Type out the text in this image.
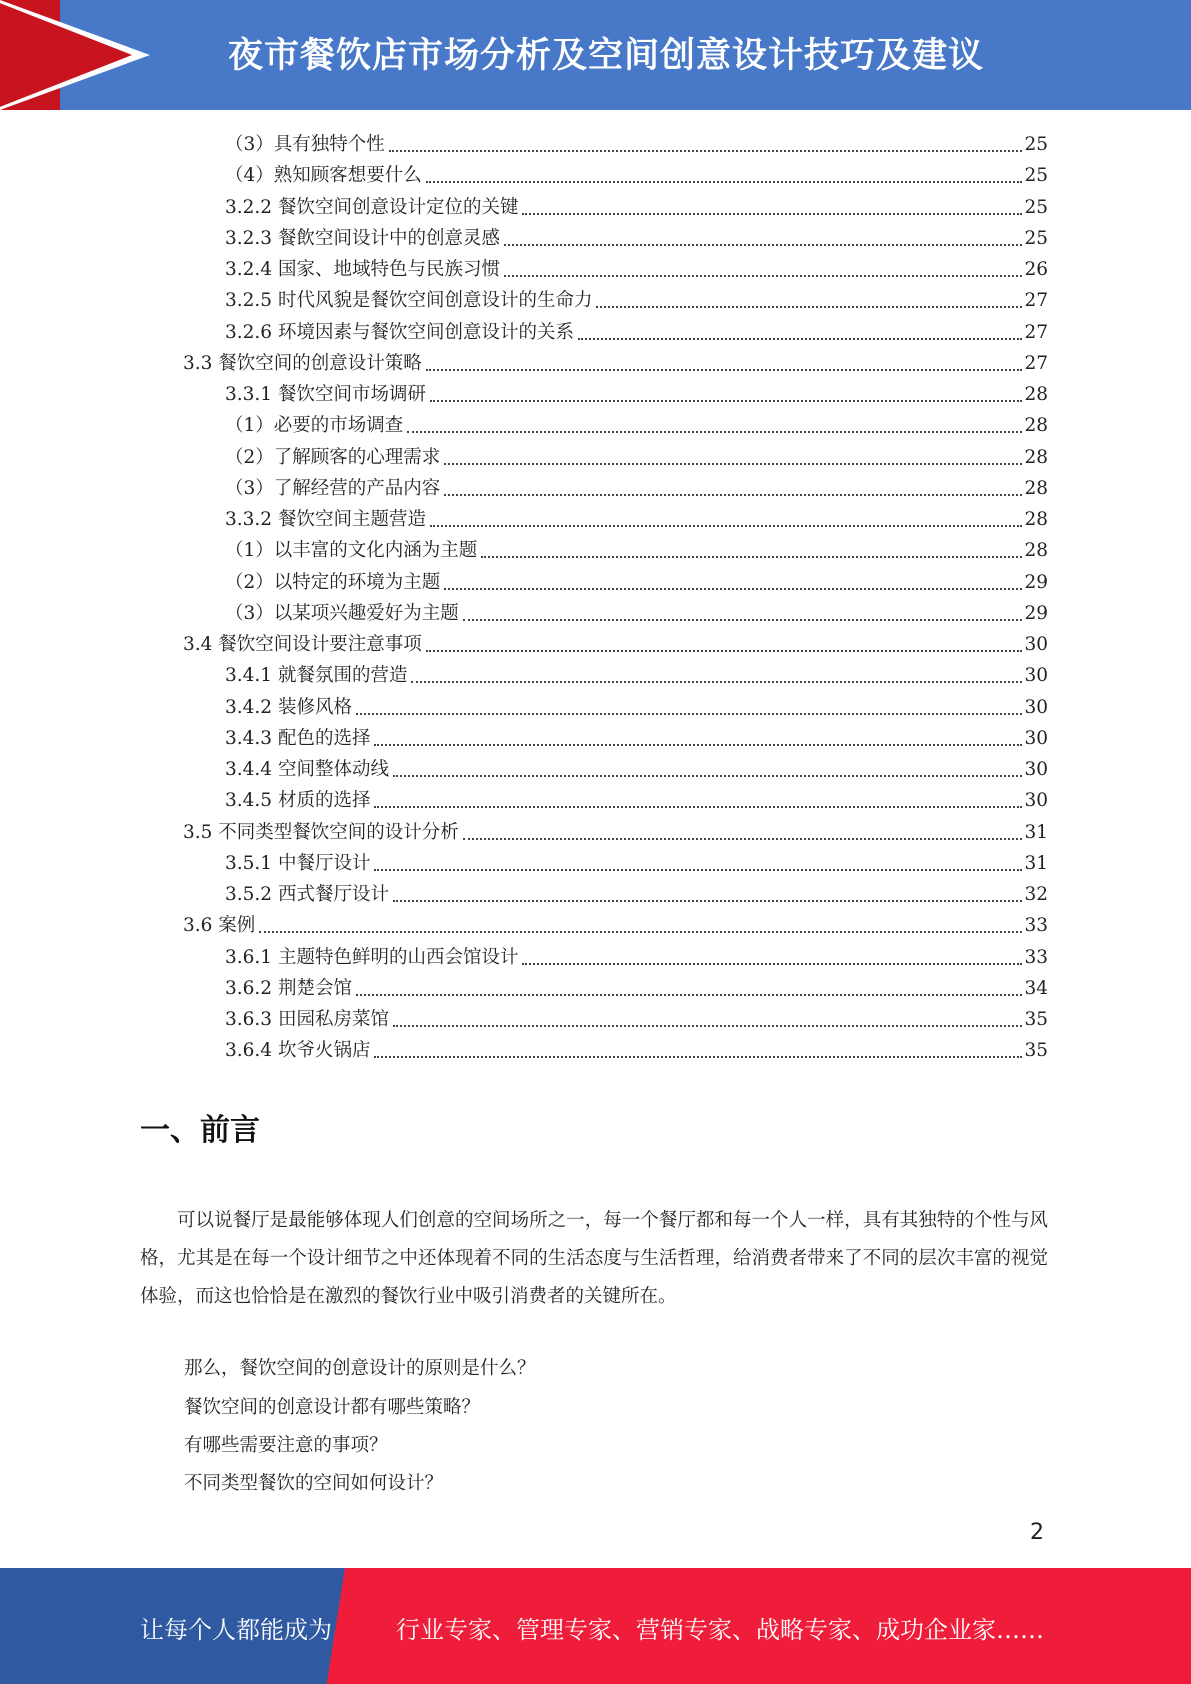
夜市餐饮店市场分析及空间创意设计技巧及建议
（3）具有独特个性	25
（4）熟知顾客想要什么	25
3.2.2 餐饮空间创意设计定位的关键	25
3.2.3 餐飲空间设计中的创意灵感	25
3.2.4 国家、地域特色与民族习惯	26
3.2.5 时代风貌是餐饮空间创意设计的生命力	27
3.2.6 环境因素与餐饮空间创意设计的关系	27
3.3 餐饮空间的创意设计策略	27
3.3.1 餐饮空间市场调研	28
（1）必要的市场调查	28
（2）了解顾客的心理需求	28
（3）了解经营的产品内容	28
3.3.2 餐饮空间主题营造	28
（1）以丰富的文化内涵为主题	28
（2）以特定的环境为主题	29
（3）以某项兴趣爱好为主题	29
3.4 餐饮空间设计要注意事项	30
3.4.1 就餐氛围的营造	30
3.4.2 装修风格	30
3.4.3 配色的选择	30
3.4.4 空间整体动线	30
3.4.5 材质的选择	30
3.5 不同类型餐饮空间的设计分析	31
3.5.1 中餐厅设计	31
3.5.2 西式餐厅设计	32
3.6 案例	33
3.6.1 主题特色鲜明的山西会馆设计	33
3.6.2 荆楚会馆	34
3.6.3 田园私房菜馆	35
3.6.4 坎爷火锅店	35
一、前言
可以说餐厅是最能够体现人们创意的空间场所之一，每一个餐厅都和每一个人一样，具有其独特的个性与风格，尤其是在每一个设计细节之中还体现着不同的生活态度与生活哲理，给消费者带来了不同的层次丰富的视觉体验，而这也恰恰是在激烈的餐饮行业中吸引消费者的关键所在。
那么，餐饮空间的创意设计的原则是什么？
餐饮空间的创意设计都有哪些策略？
有哪些需要注意的事项？
不同类型餐饮的空间如何设计？
2
让每个人都能成为	行业专家、管理专家、营销专家、战略专家、成功企业家……
